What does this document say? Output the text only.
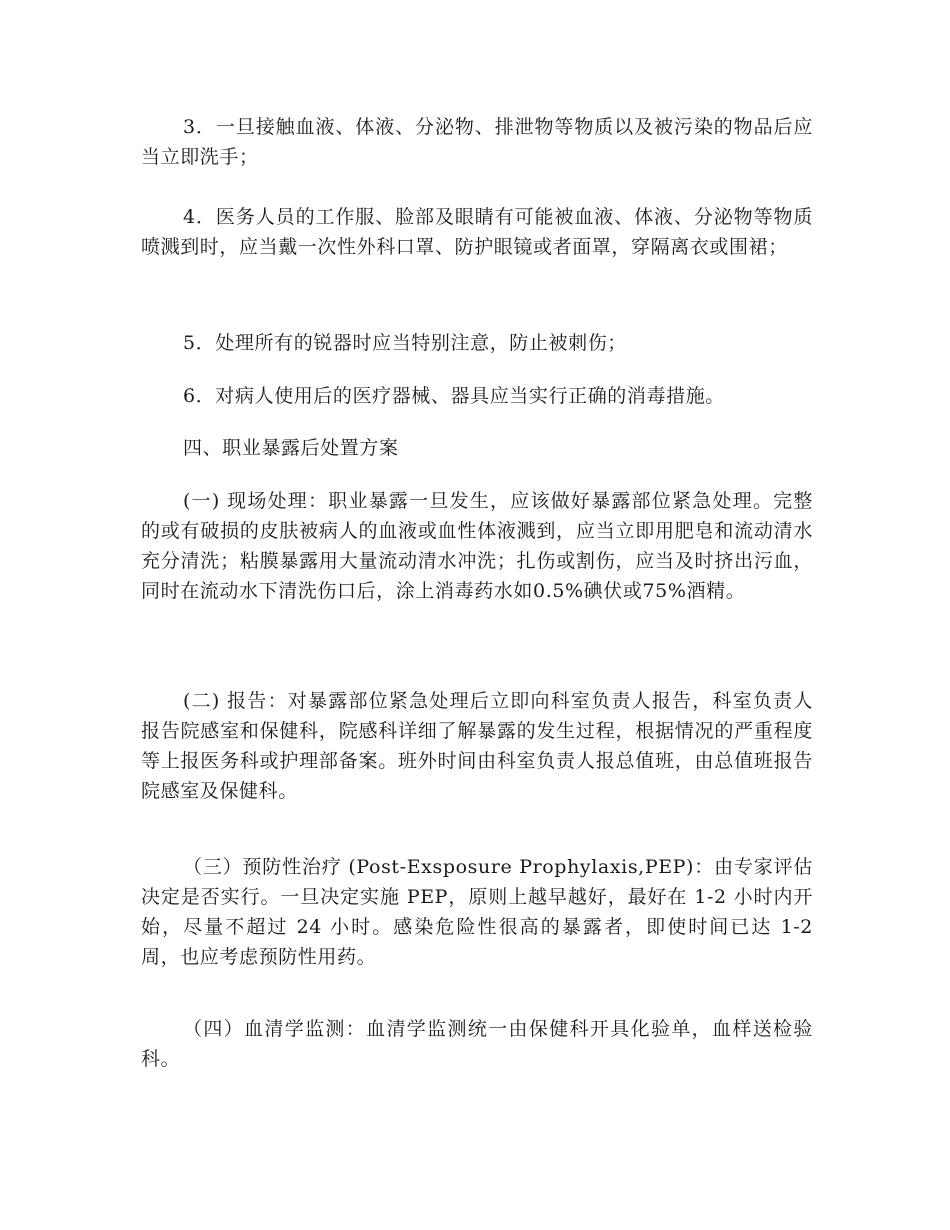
3．一旦接触血液、体液、分泌物、排泄物等物质以及被污染的物品后应当立即洗手；

4．医务人员的工作服、脸部及眼睛有可能被血液、体液、分泌物等物质喷溅到时，应当戴一次性外科口罩、防护眼镜或者面罩，穿隔离衣或围裙；

5．处理所有的锐器时应当特别注意，防止被刺伤；

6．对病人使用后的医疗器械、器具应当实行正确的消毒措施。

四、职业暴露后处置方案

(一) 现场处理：职业暴露一旦发生，应该做好暴露部位紧急处理。完整的或有破损的皮肤被病人的血液或血性体液溅到，应当立即用肥皂和流动清水充分清洗；粘膜暴露用大量流动清水冲洗；扎伤或割伤，应当及时挤出污血，同时在流动水下清洗伤口后，涂上消毒药水如0.5%碘伏或75%酒精。

(二) 报告：对暴露部位紧急处理后立即向科室负责人报告，科室负责人报告院感室和保健科，院感科详细了解暴露的发生过程，根据情况的严重程度等上报医务科或护理部备案。班外时间由科室负责人报总值班，由总值班报告院感室及保健科。

（三）预防性治疗 (Post-Exsposure Prophylaxis,PEP)：由专家评估决定是否实行。一旦决定实施 PEP，原则上越早越好，最好在 1-2 小时内开始，尽量不超过 24 小时。感染危险性很高的暴露者，即使时间已达 1-2 周，也应考虑预防性用药。

（四）血清学监测：血清学监测统一由保健科开具化验单，血样送检验科。
